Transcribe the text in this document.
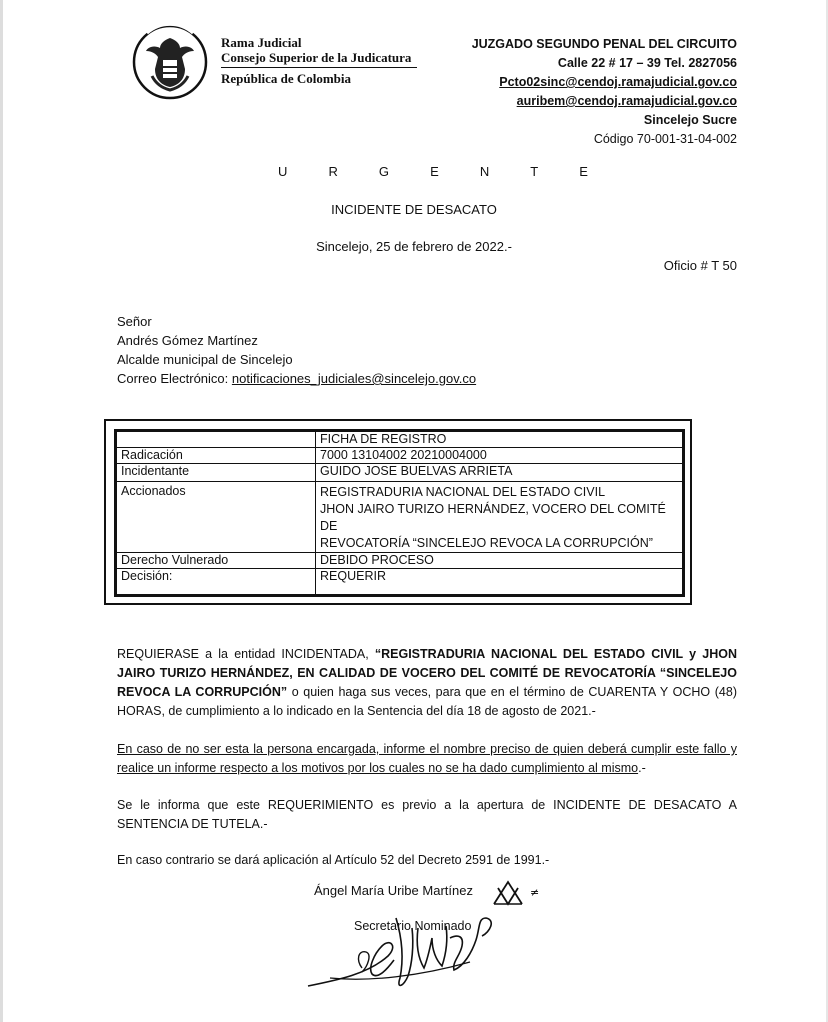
Rama Judicial
Consejo Superior de la Judicatura
República de Colombia
JUZGADO SEGUNDO PENAL DEL CIRCUITO
Calle 22 # 17 – 39 Tel. 2827056
Pcto02sinc@cendoj.ramajudicial.gov.co
auribem@cendoj.ramajudicial.gov.co
Sincelejo Sucre
Código 70-001-31-04-002
U	R	G	E	N	T	E
INCIDENTE DE DESACATO
Sincelejo, 25 de febrero de 2022.-
Oficio # T 50
Señor
Andrés Gómez Martínez
Alcalde municipal de Sincelejo
Correo Electrónico: notificaciones_judiciales@sincelejo.gov.co
	FICHA DE REGISTRO
Radicación	7000 13104002 20210004000
Incidentante	GUIDO JOSE BUELVAS ARRIETA
Accionados	REGISTRADURIA NACIONAL DEL ESTADO CIVIL
JHON JAIRO TURIZO HERNÁNDEZ, VOCERO DEL COMITÉ DE
REVOCATORÍA “SINCELEJO REVOCA LA CORRUPCIÓN”

Derecho Vulnerado	DEBIDO PROCESO
Decisión:	REQUERIR
REQUIERASE a la entidad INCIDENTADA, “REGISTRADURIA NACIONAL DEL ESTADO CIVIL y JHON JAIRO TURIZO HERNÁNDEZ, EN CALIDAD DE VOCERO DEL COMITÉ DE REVOCATORÍA “SINCELEJO REVOCA LA CORRUPCIÓN” o quien haga sus veces, para que en el término de CUARENTA Y OCHO (48) HORAS, de cumplimiento a lo indicado en la Sentencia del día 18 de agosto de 2021.-
En caso de no ser esta la persona encargada, informe el nombre preciso de quien deberá cumplir este fallo y realice un informe respecto a los motivos por los cuales no se ha dado cumplimiento al mismo.-
Se le informa que este REQUERIMIENTO es previo a la apertura de INCIDENTE DE DESACATO A SENTENCIA DE TUTELA.-
En caso contrario se dará aplicación al Artículo 52 del Decreto 2591 de 1991.-
Ángel María Uribe Martínez
Secretario Nominado
≠
